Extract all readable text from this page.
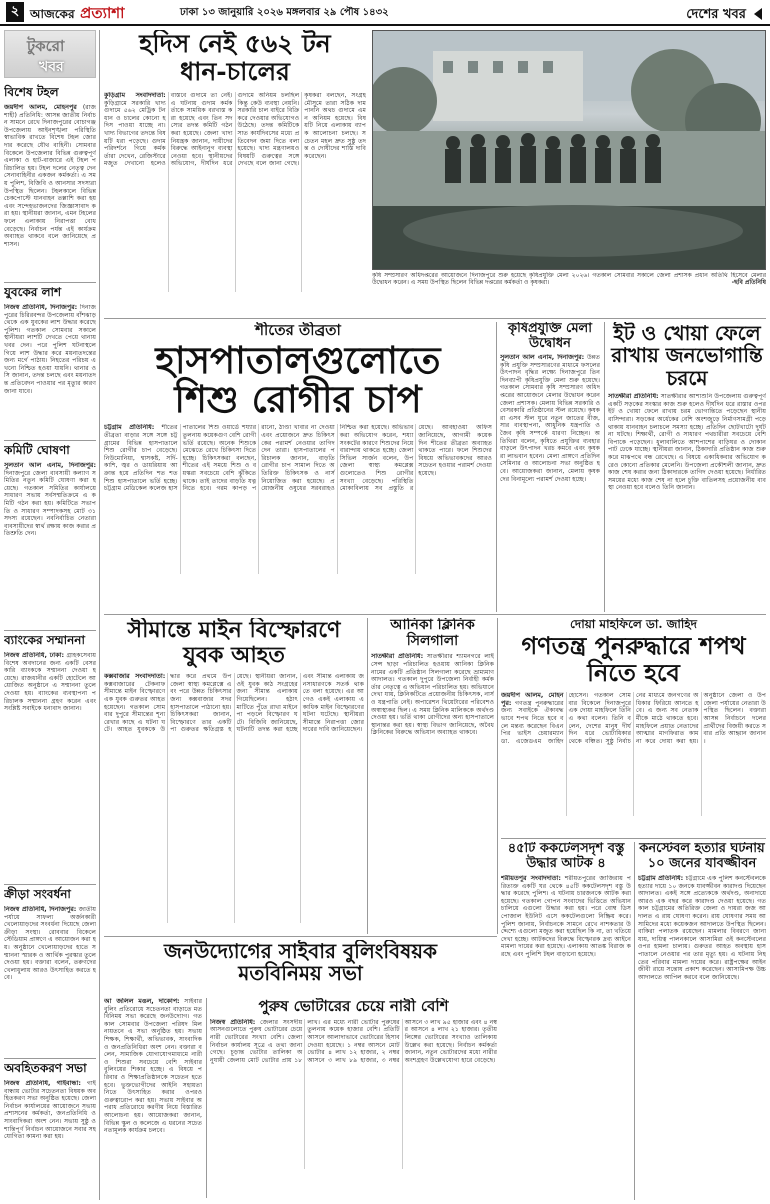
২ আজকের প্রত্যাশা	ঢাকা ১৩ জানুয়ারি ২০২৬ মঙ্গলবার ২৯ পৌষ ১৪৩২	দেশের খবর
টুকরো
খবর
বিশেষ টহল
জয়দীপ আলম, মোহনপুর (রাজশাহী) প্রতিনিধি: আসন্ন জাতীয় নির্বাচন সামনে রেখে দিনাজপুরের বোচাগঞ্জ উপজেলায় আইনশৃঙ্খলা পরিস্থিতি স্বাভাবিক রাখতে বিশেষ টহল জোরদার করেছে যৌথ বাহিনী। সোমবার বিকেলে উপজেলার বিভিন্ন গুরুত্বপূর্ণ এলাকা ও হাট-বাজারে এই টহল পরিচালিত হয়। টহল দলের নেতৃত্ব দেন সেনাবাহিনীর একজন কর্মকর্তা। এ সময় পুলিশ, বিজিবি ও আনসার সদস্যরা উপস্থিত ছিলেন। টহলকালে বিভিন্ন চেকপোস্টে যানবাহন তল্লাশি করা হয় এবং সন্দেহভাজনদের জিজ্ঞাসাবাদ করা হয়। স্থানীয়রা জানান, এমন টহলের ফলে এলাকায় নিরাপত্তা বোধ বেড়েছে। নির্বাচন পর্যন্ত এই কার্যক্রম অব্যাহত থাকবে বলে জানিয়েছে প্রশাসন।
যুবকের লাশ
নিজস্ব প্রতিনিধি, দিনাজপুর: দিনাজপুরের চিরিরবন্দর উপজেলায় বাঁশঝাড় থেকে এক যুবকের লাশ উদ্ধার করেছে পুলিশ। গতকাল সোমবার সকালে স্থানীয়রা লাশটি দেখতে পেয়ে থানায় খবর দেন। পরে পুলিশ ঘটনাস্থলে গিয়ে লাশ উদ্ধার করে ময়নাতদন্তের জন্য মর্গে পাঠায়। নিহতের পরিচয় এখনো নিশ্চিত হওয়া যায়নি। থানার ওসি জানান, তদন্ত চলছে এবং ময়নাতদন্ত প্রতিবেদন পাওয়ার পর মৃত্যুর কারণ জানা যাবে।
কমিটি ঘোষণা
সুলতান আল এনাম, দিনাজপুর: দিনাজপুরে জেলা ব্যবসায়ী কল্যাণ সমিতির নতুন কমিটি ঘোষণা করা হয়েছে। গতকাল সমিতির কার্যালয়ে সাধারণ সভায় সর্বসম্মতিক্রমে এ কমিটি গঠন করা হয়। কমিটিতে সভাপতি ও সাধারণ সম্পাদকসহ মোট ৩১ সদস্য রয়েছেন। নবনির্বাচিত নেতারা ব্যবসায়ীদের স্বার্থ রক্ষায় কাজ করার প্রতিশ্রুতি দেন।
ব্যাংকের সম্মাননা
নিজস্ব প্রতিনিধি, ঢাকা: গ্রাহকসেবায় বিশেষ অবদানের জন্য একটি বেসরকারি ব্যাংককে সম্মাননা দেওয়া হয়েছে। রাজধানীর একটি হোটেলে আয়োজিত অনুষ্ঠানে এ সম্মাননা তুলে দেওয়া হয়। ব্যাংকের ব্যবস্থাপনা পরিচালক সম্মাননা গ্রহণ করেন এবং সংশ্লিষ্ট সবাইকে ধন্যবাদ জানান।
ক্রীড়া সংবর্ধনা
নিজস্ব প্রতিনিধি, দিনাজপুর: জাতীয় পর্যায়ে সাফল্য অর্জনকারী খেলোয়াড়দের সংবর্ধনা দিয়েছে জেলা ক্রীড়া সংস্থা। রোববার বিকেলে স্টেডিয়াম প্রাঙ্গণে এ আয়োজন করা হয়। অনুষ্ঠানে খেলোয়াড়দের হাতে সম্মাননা স্মারক ও আর্থিক পুরস্কার তুলে দেওয়া হয়। বক্তারা বলেন, তরুণদের খেলাধুলায় আরও উৎসাহিত করতে হবে।
অবহিতকরণ সভা
নিজস্ব প্রতিনিধি, গাইবান্ধা: গাইবান্ধায় ভোটার সচেতনতা বিষয়ক অবহিতকরণ সভা অনুষ্ঠিত হয়েছে। জেলা নির্বাচন কার্যালয়ের আয়োজনে সভায় প্রশাসনের কর্মকর্তা, জনপ্রতিনিধি ও সাংবাদিকরা অংশ নেন। সভায় সুষ্ঠু ও শান্তিপূর্ণ নির্বাচন আয়োজনে সবার সহযোগিতা কামনা করা হয়।
হদিস নেই ৫৬২ টন
ধান-চালের
কুড়িগ্রাম সংবাদদাতা: কুড়িগ্রামে সরকারি খাদ্য গুদামে ৫৬২ মেট্রিক টন ধান ও চালের কোনো হদিস পাওয়া যাচ্ছে না। খাদ্য বিভাগের তদন্তে বিষয়টি ধরা পড়েছে। গুদাম পরিদর্শনে গিয়ে কর্মকর্তারা দেখেন, রেজিস্টারে মজুত দেখানো হলেও বাস্তবে গুদামে তা নেই। এ ঘটনায় গুদাম কর্মকর্তাকে সাময়িক বরখাস্ত করা হয়েছে এবং তিন সদস্যের তদন্ত কমিটি গঠন করা হয়েছে। জেলা খাদ্য নিয়ন্ত্রক জানান, দায়ীদের বিরুদ্ধে আইনানুগ ব্যবস্থা নেওয়া হবে। স্থানীয়দের অভিযোগ, দীর্ঘদিন ধরে গুদামে অনিয়ম চলছিল কিন্তু কেউ ব্যবস্থা নেয়নি। সরকারি চাল বাইরে বিক্রি করে দেওয়ার অভিযোগও উঠেছে। তদন্ত কমিটিকে সাত কার্যদিবসের মধ্যে প্রতিবেদন জমা দিতে বলা হয়েছে। খাদ্য মন্ত্রণালয়ও বিষয়টি গুরুত্বের সঙ্গে দেখছে বলে জানা গেছে। কৃষকরা বলছেন, সংগ্রহ মৌসুমে তারা সঠিক দাম পাননি অথচ গুদামে এমন অনিয়ম হয়েছে। বিষয়টি নিয়ে এলাকায় ব্যাপক আলোচনা চলছে। সচেতন মহল দ্রুত সুষ্ঠু তদন্ত ও দোষীদের শাস্তি দাবি করেছেন।
কৃষি সম্প্রসারণ অধিদপ্তরের আয়োজনে দিনাজপুরে শুরু হয়েছে কৃষিপ্রযুক্তি মেলা ২০২৬। গতকাল সোমবার সকালে জেলা প্রশাসক প্রধান অতিথি হিসেবে মেলার উদ্বোধন করেন। এ সময় উপস্থিত ছিলেন বিভিন্ন দপ্তরের কর্মকর্তা ও কৃষকরা।	-ছবি প্রতিনিধি
শীতের তীব্রতা
হাসপাতালগুলোতে
শিশু রোগীর চাপ
চট্টগ্রাম প্রতিনিধি: শীতের তীব্রতা বাড়ার সঙ্গে সঙ্গে চট্টগ্রামের বিভিন্ন হাসপাতালে শিশু রোগীর চাপ বেড়েছে। নিউমোনিয়া, শ্বাসকষ্ট, সর্দি-কাশি, জ্বর ও ডায়রিয়ায় আক্রান্ত হয়ে প্রতিদিন শত শত শিশু হাসপাতালে ভর্তি হচ্ছে। চট্টগ্রাম মেডিকেল কলেজ হাসপাতালের শিশু ওয়ার্ডে শয্যার তুলনায় কয়েকগুণ বেশি রোগী ভর্তি রয়েছে। অনেক শিশুকে মেঝেতে রেখে চিকিৎসা দিতে হচ্ছে। চিকিৎসকরা বলছেন, শীতের এই সময়ে শিশু ও বয়স্করা সবচেয়ে বেশি ঝুঁকিতে থাকে। তাই তাদের বাড়তি যত্ন নিতে হবে। গরম কাপড় পরানো, ঠাণ্ডা খাবার না দেওয়া এবং প্রয়োজনে দ্রুত চিকিৎসকের পরামর্শ নেওয়ার তাগিদ দেন তারা। হাসপাতালের পরিচালক জানান, বাড়তি রোগীর চাপ সামাল দিতে অতিরিক্ত চিকিৎসক ও নার্স নিয়োজিত করা হয়েছে। প্রয়োজনীয় ওষুধের সরবরাহও নিশ্চিত করা হয়েছে। অভিভাবকরা অভিযোগ করেন, শয্যা সংকটের কারণে শিশুদের নিয়ে বারান্দায় থাকতে হচ্ছে। জেলা সিভিল সার্জন বলেন, উপজেলা স্বাস্থ্য কমপ্লেক্সগুলোতেও শিশু রোগীর সংখ্যা বেড়েছে। পরিস্থিতি মোকাবিলায় সব প্রস্তুতি রয়েছে। আবহাওয়া অফিস জানিয়েছে, আগামী কয়েক দিন শীতের তীব্রতা অব্যাহত থাকতে পারে। ফলে শিশুদের বিষয়ে অভিভাবকদের আরও সচেতন হওয়ার পরামর্শ দেওয়া হয়েছে।
কৃষিপ্রযুক্তি মেলা উদ্বোধন
সুলতান আল এনাম, দিনাজপুর: উন্নত কৃষি প্রযুক্তি সম্প্রসারণের মাধ্যমে ফসলের উৎপাদন বৃদ্ধির লক্ষ্যে দিনাজপুরে তিন দিনব্যাপী কৃষিপ্রযুক্তি মেলা শুরু হয়েছে। গতকাল সোমবার কৃষি সম্প্রসারণ অধিদপ্তরের আয়োজনে মেলার উদ্বোধন করেন জেলা প্রশাসক। মেলায় বিভিন্ন সরকারি ও বেসরকারি প্রতিষ্ঠানের স্টল রয়েছে। কৃষকরা এসব স্টল ঘুরে নতুন জাতের বীজ, সার ব্যবস্থাপনা, আধুনিক যন্ত্রপাতি ও জৈব কৃষি সম্পর্কে ধারণা নিচ্ছেন। অতিথিরা বলেন, কৃষিতে প্রযুক্তির ব্যবহার বাড়লে উৎপাদন খরচ কমবে এবং কৃষকরা লাভবান হবেন। মেলা প্রাঙ্গণে প্রতিদিন সেমিনার ও আলোচনা সভা অনুষ্ঠিত হবে। আয়োজকরা জানান, মেলায় কৃষকদের বিনামূল্যে পরামর্শ দেওয়া হচ্ছে।
ইট ও খোয়া ফেলে রাখায় জনভোগান্তি চরমে
সাতক্ষীরা প্রতিনিধি: সাতক্ষীরার আশাশুনি উপজেলায় গুরুত্বপূর্ণ একটি সড়কের সংস্কার কাজ শুরু হলেও দীর্ঘদিন ধরে রাস্তার ওপর ইট ও খোয়া ফেলে রাখায় চরম ভোগান্তিতে পড়েছেন স্থানীয় বাসিন্দারা। সড়কের অর্ধেকের বেশি অংশজুড়ে নির্মাণসামগ্রী পড়ে থাকায় যানবাহন চলাচলে সমস্যা হচ্ছে। প্রতিদিন ছোটখাটো দুর্ঘটনা ঘটছে। শিক্ষার্থী, রোগী ও সাধারণ পথচারীরা সবচেয়ে বেশি বিপাকে পড়েছেন। ধুলাবালিতে আশপাশের বাড়িঘর ও দোকানপাট ঢেকে যাচ্ছে। স্থানীয়রা জানান, ঠিকাদারি প্রতিষ্ঠান কাজ শুরু করে মাঝপথে বন্ধ রেখেছে। এ বিষয়ে একাধিকবার অভিযোগ করেও কোনো প্রতিকার মেলেনি। উপজেলা প্রকৌশলী জানান, দ্রুত কাজ শেষ করার জন্য ঠিকাদারকে তাগিদ দেওয়া হয়েছে। নির্ধারিত সময়ের মধ্যে কাজ শেষ না হলে চুক্তি বাতিলসহ প্রয়োজনীয় ব্যবস্থা নেওয়া হবে বলেও তিনি জানান।
সীমান্তে মাইন বিস্ফোরণে
যুবক আহত
কক্সবাজার সংবাদদাতা: কক্সবাজারের টেকনাফ সীমান্তে মাইন বিস্ফোরণে এক যুবক গুরুতর আহত হয়েছেন। গতকাল সোমবার দুপুরে সীমান্তের শূন্যরেখার কাছে এ ঘটনা ঘটে। আহত যুবককে উদ্ধার করে প্রথমে উপজেলা স্বাস্থ্য কমপ্লেক্সে এবং পরে উন্নত চিকিৎসার জন্য কক্সবাজার সদর হাসপাতালে পাঠানো হয়। চিকিৎসকরা জানান, বিস্ফোরণে তার একটি পা গুরুতর ক্ষতিগ্রস্ত হয়েছে। স্থানীয়রা জানান, ওই যুবক কাঠ সংগ্রহের জন্য সীমান্ত এলাকায় গিয়েছিলেন। হঠাৎ মাটিতে পুঁতে রাখা মাইনে পা পড়লে বিস্ফোরণ ঘটে। বিজিবি জানিয়েছে, ঘটনাটি তদন্ত করা হচ্ছে এবং সীমান্ত এলাকায় জনসাধারণকে সতর্ক থাকতে বলা হয়েছে। এর আগেও একই এলাকায় একাধিক মাইন বিস্ফোরণের ঘটনা ঘটেছে। স্থানীয়রা সীমান্তে নিরাপত্তা জোরদারের দাবি জানিয়েছেন।
আনিকা ক্লিনিক সিলগালা
সাতক্ষীরা প্রতিনিধি: সাতক্ষীরার শ্যামনগরে লাইসেন্স ছাড়া পরিচালিত হওয়ায় আনিকা ক্লিনিক নামের একটি প্রতিষ্ঠান সিলগালা করেছে ভ্রাম্যমাণ আদালত। গতকাল দুপুরে উপজেলা নির্বাহী কর্মকর্তার নেতৃত্বে এ অভিযান পরিচালিত হয়। অভিযানে দেখা যায়, ক্লিনিকটিতে প্রয়োজনীয় চিকিৎসক, নার্স ও যন্ত্রপাতি নেই। অপারেশন থিয়েটারের পরিবেশও অস্বাস্থ্যকর ছিল। এ সময় ক্লিনিক মালিককে অর্থদণ্ড দেওয়া হয়। ভর্তি থাকা রোগীদের অন্য হাসপাতালে স্থানান্তর করা হয়। স্বাস্থ্য বিভাগ জানিয়েছে, অবৈধ ক্লিনিকের বিরুদ্ধে অভিযান অব্যাহত থাকবে।
দোয়া মাহফিলে ডা. জাহিদ
গণতন্ত্র পুনরুদ্ধারে শপথ নিতে হবে
জয়দীপ আলম, মোহনপুর: গণতন্ত্র পুনরুদ্ধারের জন্য সবাইকে ঐক্যবদ্ধভাবে শপথ নিতে হবে বলে মন্তব্য করেছেন বিএনপির ভাইস চেয়ারম্যান ডা. এজেডএম জাহিদ হোসেন। গতকাল সোমবার বিকেলে দিনাজপুরে এক দোয়া মাহফিলে তিনি এ কথা বলেন। তিনি বলেন, দেশের মানুষ দীর্ঘদিন ধরে ভোটাধিকার থেকে বঞ্চিত। সুষ্ঠু নির্বাচনের মাধ্যমে জনগণের অধিকার ফিরিয়ে আনতে হবে। এ জন্য সব নেতাকর্মীকে মাঠে থাকতে হবে। মাহফিলে প্রয়াত নেতাদের আত্মার মাগফিরাত কামনা করে দোয়া করা হয়। অনুষ্ঠানে জেলা ও উপজেলা পর্যায়ের নেতারা উপস্থিত ছিলেন। বক্তারা আসন্ন নির্বাচনে দলের প্রার্থীদের বিজয়ী করতে সবার প্রতি আহ্বান জানান।
৪৫টি ককটেলসদৃশ বস্তু উদ্ধার আটক ৪
শরীয়তপুর সংবাদদাতা: শরীয়তপুরের জাজিরায় পরিত্যক্ত একটি ঘর থেকে ৪৫টি ককটেলসদৃশ বস্তু উদ্ধার করেছে পুলিশ। এ ঘটনায় চারজনকে আটক করা হয়েছে। গতকাল গোপন সংবাদের ভিত্তিতে অভিযান চালিয়ে এগুলো উদ্ধার করা হয়। পরে বোম্ব ডিসপোজাল ইউনিট এসে ককটেলগুলো নিষ্ক্রিয় করে। পুলিশ জানায়, নির্বাচনকে সামনে রেখে নাশকতার উদ্দেশ্যে এগুলো মজুত করা হয়েছিল কি না, তা খতিয়ে দেখা হচ্ছে। আটকদের বিরুদ্ধে বিস্ফোরক দ্রব্য আইনে মামলা দায়ের করা হয়েছে। এলাকায় আতঙ্ক বিরাজ করছে এবং পুলিশি টহল বাড়ানো হয়েছে।
কনস্টেবল হত্যার ঘটনায় ১০ জনের যাবজ্জীবন
চট্টগ্রাম প্রতিনিধি: চট্টগ্রামে এক পুলিশ কনস্টেবলকে হত্যার দায়ে ১০ জনকে যাবজ্জীবন কারাদণ্ড দিয়েছেন আদালত। একই সঙ্গে প্রত্যেককে অর্থদণ্ড, অনাদায়ে আরও এক বছর করে কারাদণ্ড দেওয়া হয়েছে। গতকাল চট্টগ্রামের অতিরিক্ত জেলা ও দায়রা জজ আদালত এ রায় ঘোষণা করেন। রায় ঘোষণার সময় আসামিদের মধ্যে কয়েকজন আদালতে উপস্থিত ছিলেন। বাকিরা পলাতক রয়েছেন। মামলার বিবরণে জানা যায়, দায়িত্ব পালনকালে আসামিরা ওই কনস্টেবলের ওপর হামলা চালায়। গুরুতর আহত অবস্থায় হাসপাতালে নেওয়ার পর তার মৃত্যু হয়। এ ঘটনায় নিহতের পরিবার মামলা দায়ের করে। রাষ্ট্রপক্ষের আইনজীবী রায়ে সন্তোষ প্রকাশ করেছেন। আসামিপক্ষ উচ্চ আদালতে আপিল করবে বলে জানিয়েছে।
জনউদ্যোগের সাইবার বুলিংবিষয়ক
মতবিনিময় সভা
আ জলিল মঙল, দাকোপ: সাইবার বুলিং প্রতিরোধে সচেতনতা বাড়াতে মতবিনিময় সভা করেছে জনউদ্যোগ। গতকাল সোমবার উপজেলা পরিষদ মিলনায়তনে এ সভা অনুষ্ঠিত হয়। সভায় শিক্ষক, শিক্ষার্থী, অভিভাবক, সাংবাদিক ও জনপ্রতিনিধিরা অংশ নেন। বক্তারা বলেন, সামাজিক যোগাযোগমাধ্যমে নারী ও শিশুরা সবচেয়ে বেশি সাইবার বুলিংয়ের শিকার হচ্ছে। এ বিষয়ে পরিবার ও শিক্ষাপ্রতিষ্ঠানকে সচেতন হতে হবে। ভুক্তভোগীদের আইনি সহায়তা নিতে উৎসাহিত করার ওপরও গুরুত্বারোপ করা হয়। সভায় সাইবার অপরাধ প্রতিরোধে করণীয় নিয়ে বিস্তারিত আলোচনা হয়। আয়োজকরা জানান, বিভিন্ন স্কুল ও কলেজে এ ধরনের সচেতনতামূলক কার্যক্রম চলবে।
পুরুষ ভোটারের চেয়ে নারী বেশি
নিজস্ব প্রতিনিধি: জেলার সংসদীয় আসনগুলোতে পুরুষ ভোটারের চেয়ে নারী ভোটারের সংখ্যা বেশি। জেলা নির্বাচন কার্যালয় সূত্রে এ তথ্য জানা গেছে। চূড়ান্ত ভোটার তালিকা অনুযায়ী জেলায় মোট ভোটার প্রায় ১৮ লাখ। এর মধ্যে নারী ভোটার পুরুষের তুলনায় কয়েক হাজার বেশি। প্রতিটি আসনে আলাদাভাবে ভোটারের হিসাব দেওয়া হয়েছে। ১ নম্বর আসনে মোট ভোটার ৪ লাখ ১২ হাজার, ২ নম্বর আসনে ৩ লাখ ৮৯ হাজার, ৩ নম্বর আসনে ৩ লাখ ৯৫ হাজার এবং ৪ নম্বর আসনে ৪ লাখ ২১ হাজার। তৃতীয় লিঙ্গের ভোটারের সংখ্যাও তালিকায় উল্লেখ করা হয়েছে। নির্বাচন কর্মকর্তা জানান, নতুন ভোটারদের মধ্যে নারীর অংশগ্রহণ উল্লেখযোগ্য হারে বেড়েছে।
